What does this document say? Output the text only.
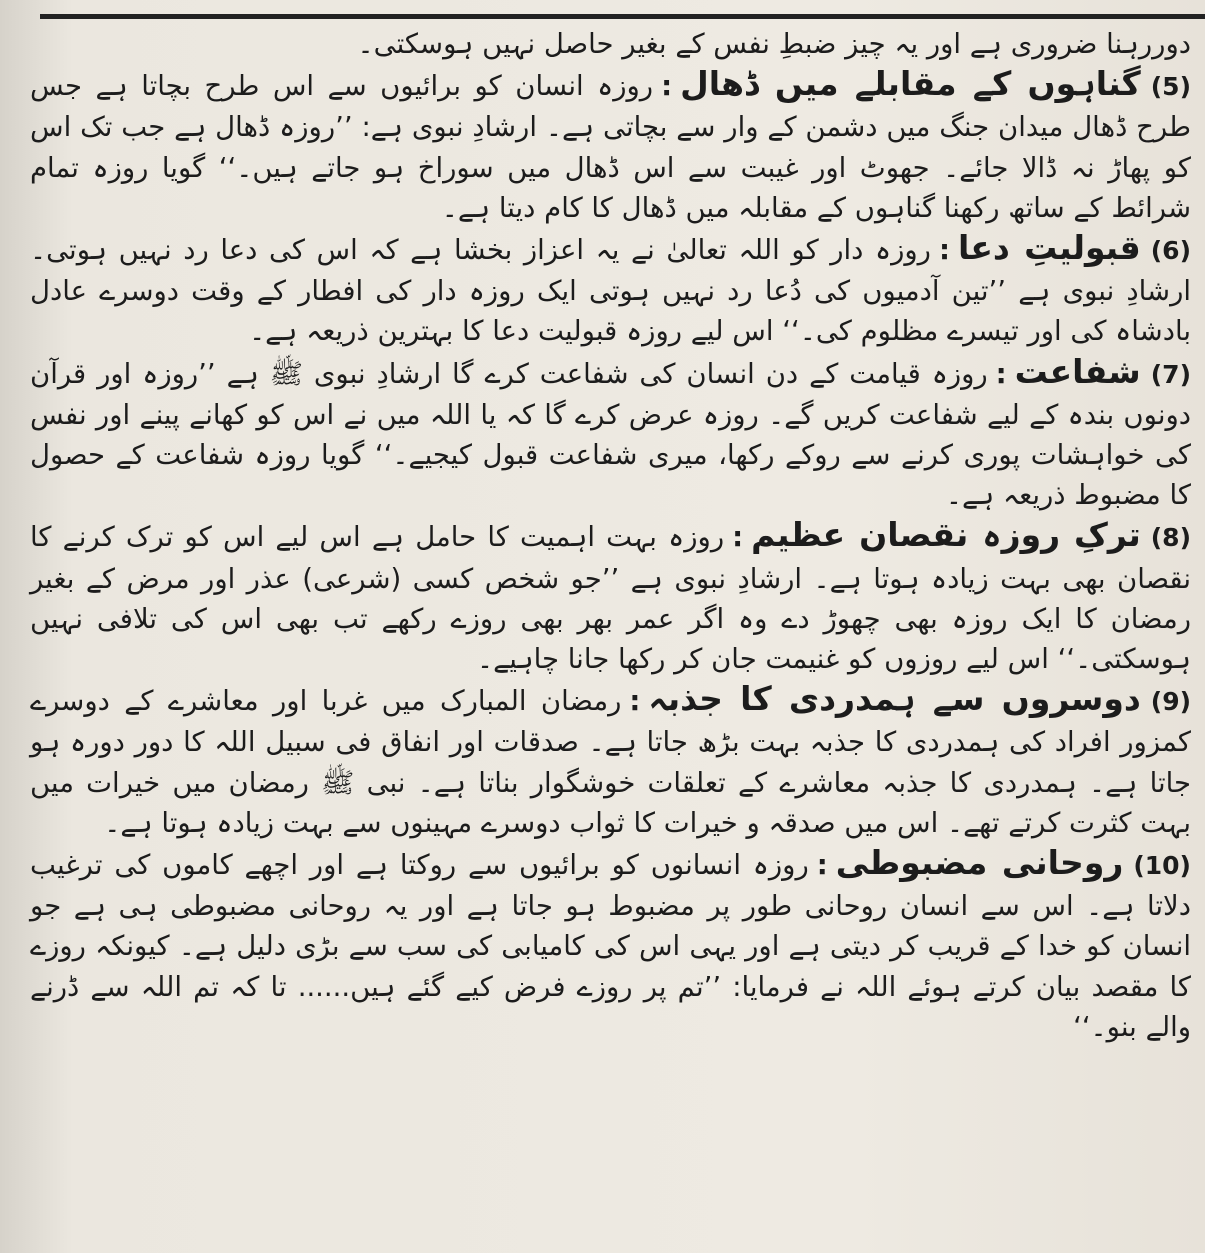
دوررہنا ضروری ہے اور یہ چیز ضبطِ نفس کے بغیر حاصل نہیں ہوسکتی۔

(5)گناہوں کے مقابلے میں ڈھال:روزہ انسان کو برائیوں سے اس طرح بچاتا ہے جس طرح ڈھال میدان جنگ میں دشمن کے وار سے بچاتی ہے۔ ارشادِ نبوی ہے: ’’روزہ ڈھال ہے جب تک اس کو پھاڑ نہ ڈالا جائے۔ جھوٹ اور غیبت سے اس ڈھال میں سوراخ ہو جاتے ہیں۔‘‘ گویا روزہ تمام شرائط کے ساتھ رکھنا گناہوں کے مقابلہ میں ڈھال کا کام دیتا ہے۔

(6)قبولیتِ دعا:روزہ دار کو اللہ تعالیٰ نے یہ اعزاز بخشا ہے کہ اس کی دعا رد نہیں ہوتی۔ ارشادِ نبوی ہے ’’تین آدمیوں کی دُعا رد نہیں ہوتی ایک روزہ دار کی افطار کے وقت دوسرے عادل بادشاہ کی اور تیسرے مظلوم کی۔‘‘ اس لیے روزہ قبولیت دعا کا بہترین ذریعہ ہے۔

(7)شفاعت:روزہ قیامت کے دن انسان کی شفاعت کرے گا ارشادِ نبوی ﷺ ہے ’’روزہ اور قرآن دونوں بندہ کے لیے شفاعت کریں گے۔ روزہ عرض کرے گا کہ یا اللہ میں نے اس کو کھانے پینے اور نفس کی خواہشات پوری کرنے سے روکے رکھا، میری شفاعت قبول کیجیے۔‘‘ گویا روزہ شفاعت کے حصول کا مضبوط ذریعہ ہے۔

(8)ترکِ روزہ نقصان عظیم:روزہ بہت اہمیت کا حامل ہے اس لیے اس کو ترک کرنے کا نقصان بھی بہت زیادہ ہوتا ہے۔ ارشادِ نبوی ہے ’’جو شخص کسی (شرعی) عذر اور مرض کے بغیر رمضان کا ایک روزہ بھی چھوڑ دے وہ اگر عمر بھر بھی روزے رکھے تب بھی اس کی تلافی نہیں ہوسکتی۔‘‘ اس لیے روزوں کو غنیمت جان کر رکھا جانا چاہیے۔

(9)دوسروں سے ہمدردی کا جذبہ:رمضان المبارک میں غربا اور معاشرے کے دوسرے کمزور افراد کی ہمدردی کا جذبہ بہت بڑھ جاتا ہے۔ صدقات اور انفاق فی سبیل اللہ کا دور دورہ ہو جاتا ہے۔ ہمدردی کا جذبہ معاشرے کے تعلقات خوشگوار بناتا ہے۔ نبی ﷺ رمضان میں خیرات میں بہت کثرت کرتے تھے۔ اس میں صدقہ و خیرات کا ثواب دوسرے مہینوں سے بہت زیادہ ہوتا ہے۔

(10)روحانی مضبوطی:روزہ انسانوں کو برائیوں سے روکتا ہے اور اچھے کاموں کی ترغیب دلاتا ہے۔ اس سے انسان روحانی طور پر مضبوط ہو جاتا ہے اور یہ روحانی مضبوطی ہی ہے جو انسان کو خدا کے قریب کر دیتی ہے اور یہی اس کی کامیابی کی سب سے بڑی دلیل ہے۔ کیونکہ روزے کا مقصد بیان کرتے ہوئے اللہ نے فرمایا: ’’تم پر روزے فرض کیے گئے ہیں...... تا کہ تم اللہ سے ڈرنے والے بنو۔‘‘
